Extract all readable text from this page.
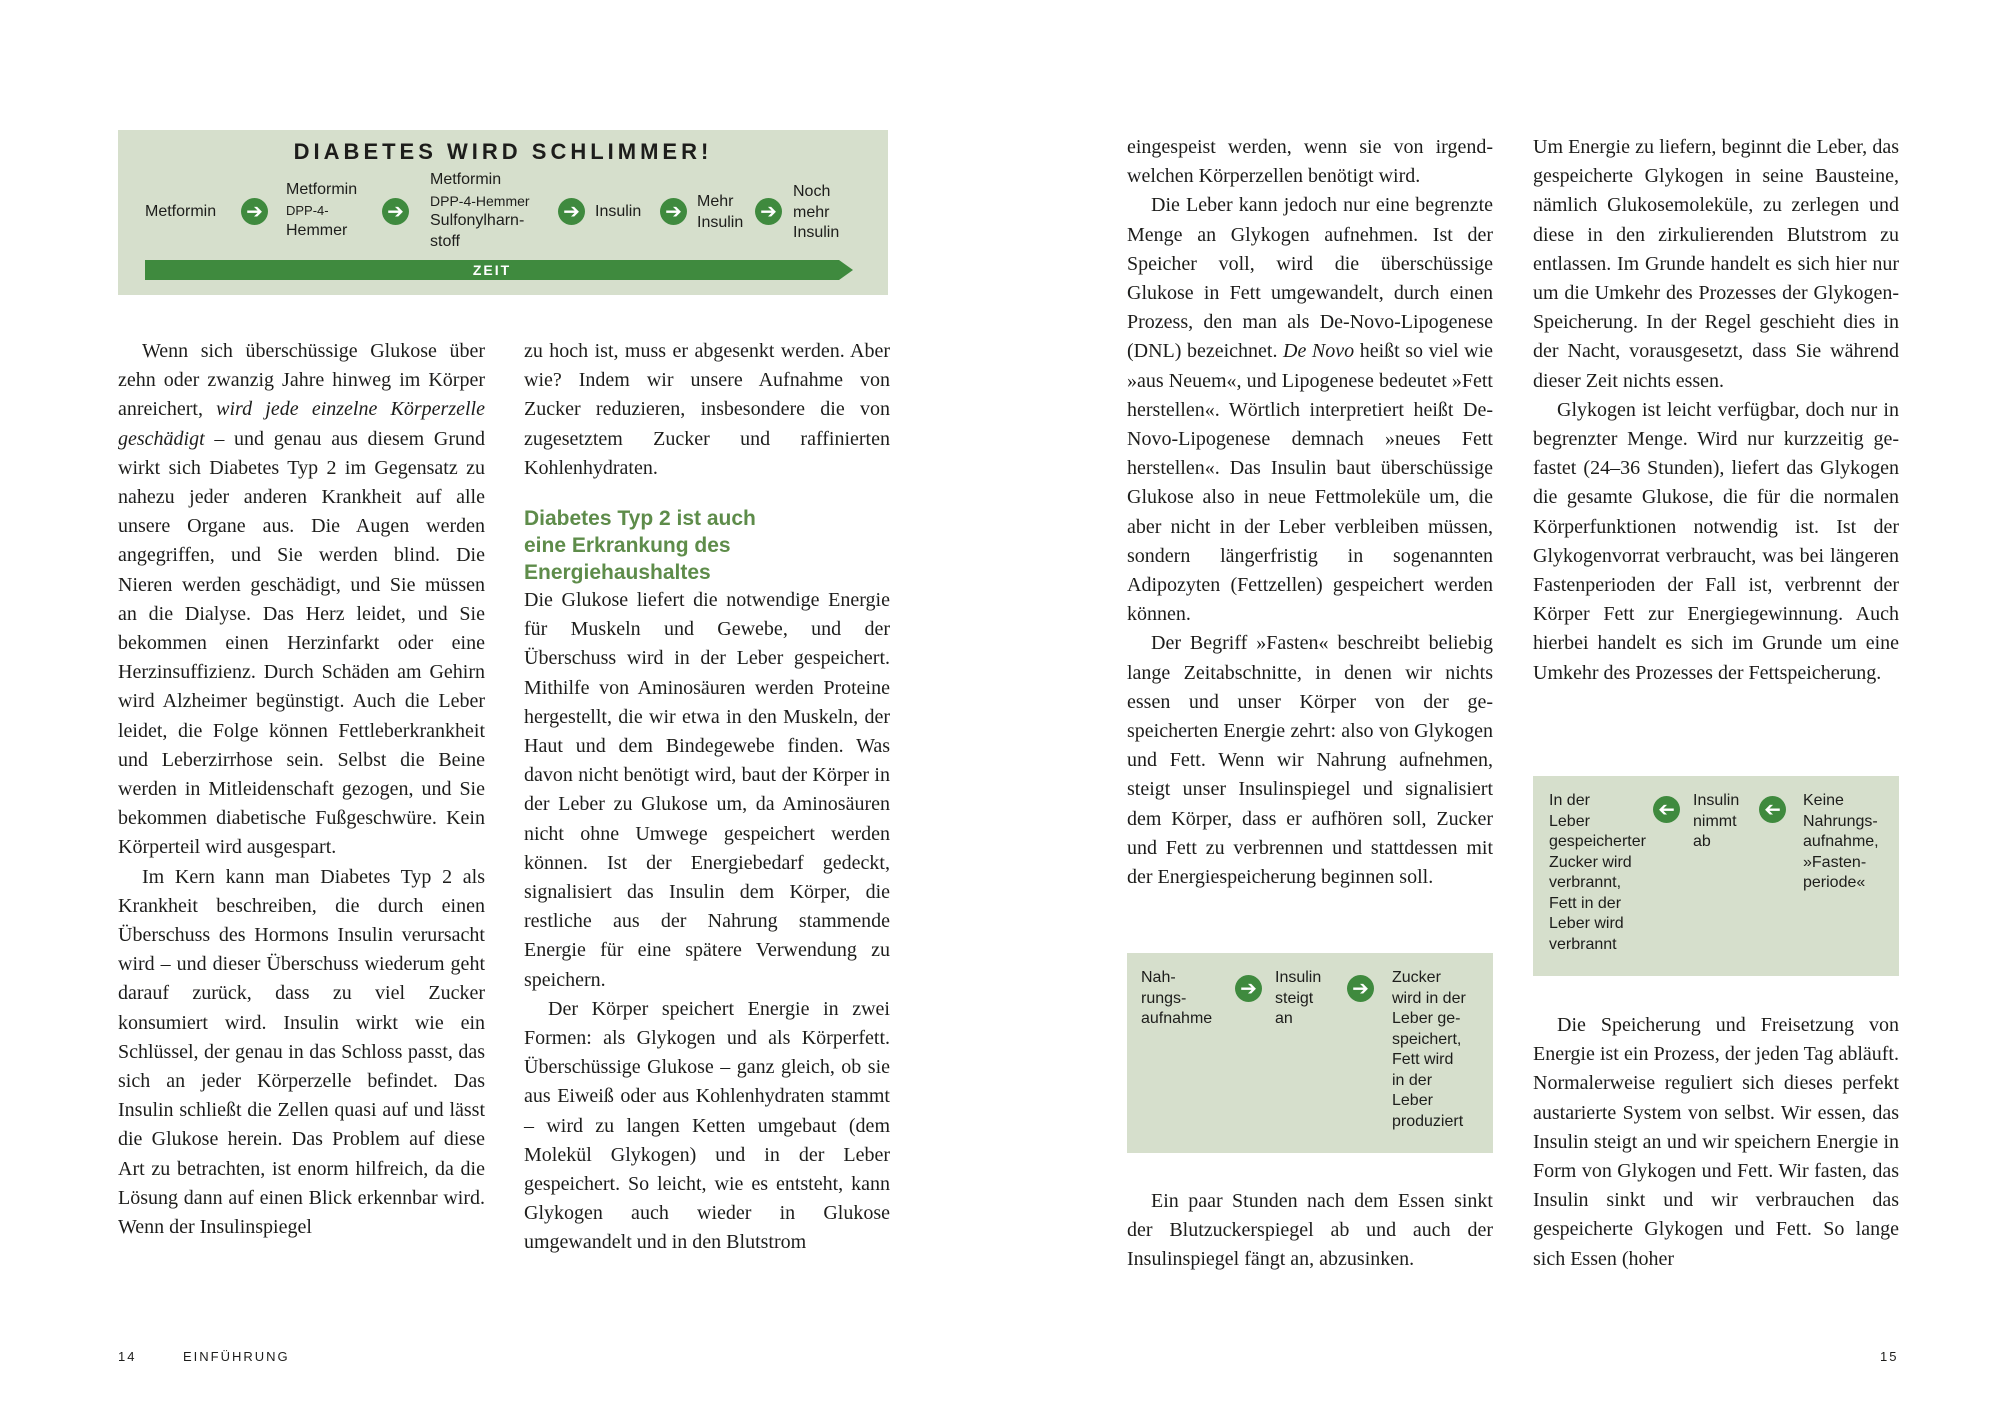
DIABETES WIRD SCHLIMMER!
Metformin ➔
Metformin
DPP-4-
Hemmer
➔
Metformin
DPP-4-Hemmer
Sulfonylharn-
stoff
➔ Insulin ➔ Mehr
Insulin ➔
Noch
mehr
Insulin
ZEIT

Wenn sich überschüssige Glukose über zehn oder zwanzig Jahre hinweg im Körper anreichert, wird jede einzelne Körperzelle geschädigt – und genau aus diesem Grund wirkt sich Diabetes Typ 2 im Gegensatz zu nahezu jeder anderen Krankheit auf alle unsere Organe aus. Die Augen werden angegriffen, und Sie werden blind. Die Nieren werden geschädigt, und Sie müssen an die Dialyse. Das Herz leidet, und Sie bekommen einen Herzinfarkt oder eine Herzinsuffizienz. Durch Schäden am Gehirn wird Alzheimer begünstigt. Auch die Leber leidet, die Folge können Fettleberkrankheit und Leberzirrhose sein. Selbst die Beine werden in Mitleidenschaft gezogen, und Sie bekommen diabetische Fußgeschwüre. Kein Körperteil wird ausgespart.

Im Kern kann man Diabetes Typ 2 als Krankheit beschreiben, die durch einen Überschuss des Hormons Insulin verursacht wird – und dieser Überschuss wiederum geht darauf zurück, dass zu viel Zucker konsumiert wird. Insulin wirkt wie ein Schlüssel, der genau in das Schloss passt, das sich an jeder Körperzelle befindet. Das Insulin schließt die Zellen quasi auf und lässt die Glukose herein. Das Problem auf diese Art zu betrachten, ist enorm hilfreich, da die Lösung dann auf einen Blick erkennbar wird. Wenn der Insulinspiegel

zu hoch ist, muss er abgesenkt werden. Aber wie? Indem wir unsere Aufnahme von Zucker reduzieren, insbesondere die von zugesetztem Zucker und raffinierten Kohlenhydraten.

Diabetes Typ 2 ist auch
eine Erkrankung des
Energiehaushaltes

Die Glukose liefert die notwendige Energie für Muskeln und Gewebe, und der Überschuss wird in der Leber gespeichert. Mithilfe von Aminosäuren werden Proteine hergestellt, die wir etwa in den Muskeln, der Haut und dem Bindegewebe finden. Was davon nicht benötigt wird, baut der Körper in der Leber zu Glukose um, da Aminosäuren nicht ohne Umwege gespeichert werden können. Ist der Energiebedarf gedeckt, signalisiert das Insulin dem Körper, die restliche aus der Nahrung stammende Energie für eine spätere Verwendung zu speichern.

Der Körper speichert Energie in zwei Formen: als Glykogen und als Körperfett. Überschüssige Glukose – ganz gleich, ob sie aus Eiweiß oder aus Kohlenhydraten stammt – wird zu langen Ketten umgebaut (dem Molekül Glykogen) und in der Leber gespeichert. So leicht, wie es entsteht, kann Glykogen auch wieder in Glukose umgewandelt und in den Blutstrom

14	EINFÜHRUNG

eingespeist werden, wenn sie von irgendwelchen Körperzellen benötigt wird.

Die Leber kann jedoch nur eine begrenzte Menge an Glykogen aufnehmen. Ist der Speicher voll, wird die überschüssige Glukose in Fett umgewandelt, durch einen Prozess, den man als De-Novo-Lipogenese (DNL) bezeichnet. De Novo heißt so viel wie »aus Neuem«, und Lipogenese bedeutet »Fett herstellen«. Wörtlich interpretiert heißt De-Novo-Lipogenese demnach »neues Fett herstellen«. Das Insulin baut überschüssige Glukose also in neue Fettmoleküle um, die aber nicht in der Leber verbleiben müssen, sondern längerfristig in sogenannten Adipozyten (Fettzellen) gespeichert werden können.

Der Begriff »Fasten« beschreibt beliebig lange Zeitabschnitte, in denen wir nichts essen und unser Körper von der gespeicherten Energie zehrt: also von Glykogen und Fett. Wenn wir Nahrung aufnehmen, steigt unser Insulinspiegel und signalisiert dem Körper, dass er aufhören soll, Zucker und Fett zu verbrennen und stattdessen mit der Energiespeicherung beginnen soll.

Nah-
rungs-
aufnahme
➔	Insulin
steigt
an
➔	Zucker
wird in der
Leber ge-
speichert,
Fett wird
in der
Leber
produziert

Ein paar Stunden nach dem Essen sinkt der Blutzuckerspiegel ab und auch der Insulinspiegel fängt an, abzusinken.

Um Energie zu liefern, beginnt die Leber, das gespeicherte Glykogen in seine Bausteine, nämlich Glukosemoleküle, zu zerlegen und diese in den zirkulierenden Blutstrom zu entlassen. Im Grunde handelt es sich hier nur um die Umkehr des Prozesses der Glykogen-Speicherung. In der Regel geschieht dies in der Nacht, vorausgesetzt, dass Sie während dieser Zeit nichts essen.

Glykogen ist leicht verfügbar, doch nur in begrenzter Menge. Wird nur kurzzeitig gefastet (24–36 Stunden), liefert das Glykogen die gesamte Glukose, die für die normalen Körperfunktionen notwendig ist. Ist der Glykogenvorrat verbraucht, was bei längeren Fastenperioden der Fall ist, verbrennt der Körper Fett zur Energiegewinnung. Auch hierbei handelt es sich im Grunde um eine Umkehr des Prozesses der Fettspeicherung.

In der
Leber
gespeicherter
Zucker wird
verbrannt,
Fett in der
Leber wird
verbrannt
➔	Insulin
nimmt
ab
➔	Keine
Nahrungs-
aufnahme,
»Fasten-
periode«

Die Speicherung und Freisetzung von Energie ist ein Prozess, der jeden Tag abläuft. Normalerweise reguliert sich dieses perfekt austarierte System von selbst. Wir essen, das Insulin steigt an und wir speichern Energie in Form von Glykogen und Fett. Wir fasten, das Insulin sinkt und wir verbrauchen das gespeicherte Glykogen und Fett. So lange sich Essen (hoher

15
